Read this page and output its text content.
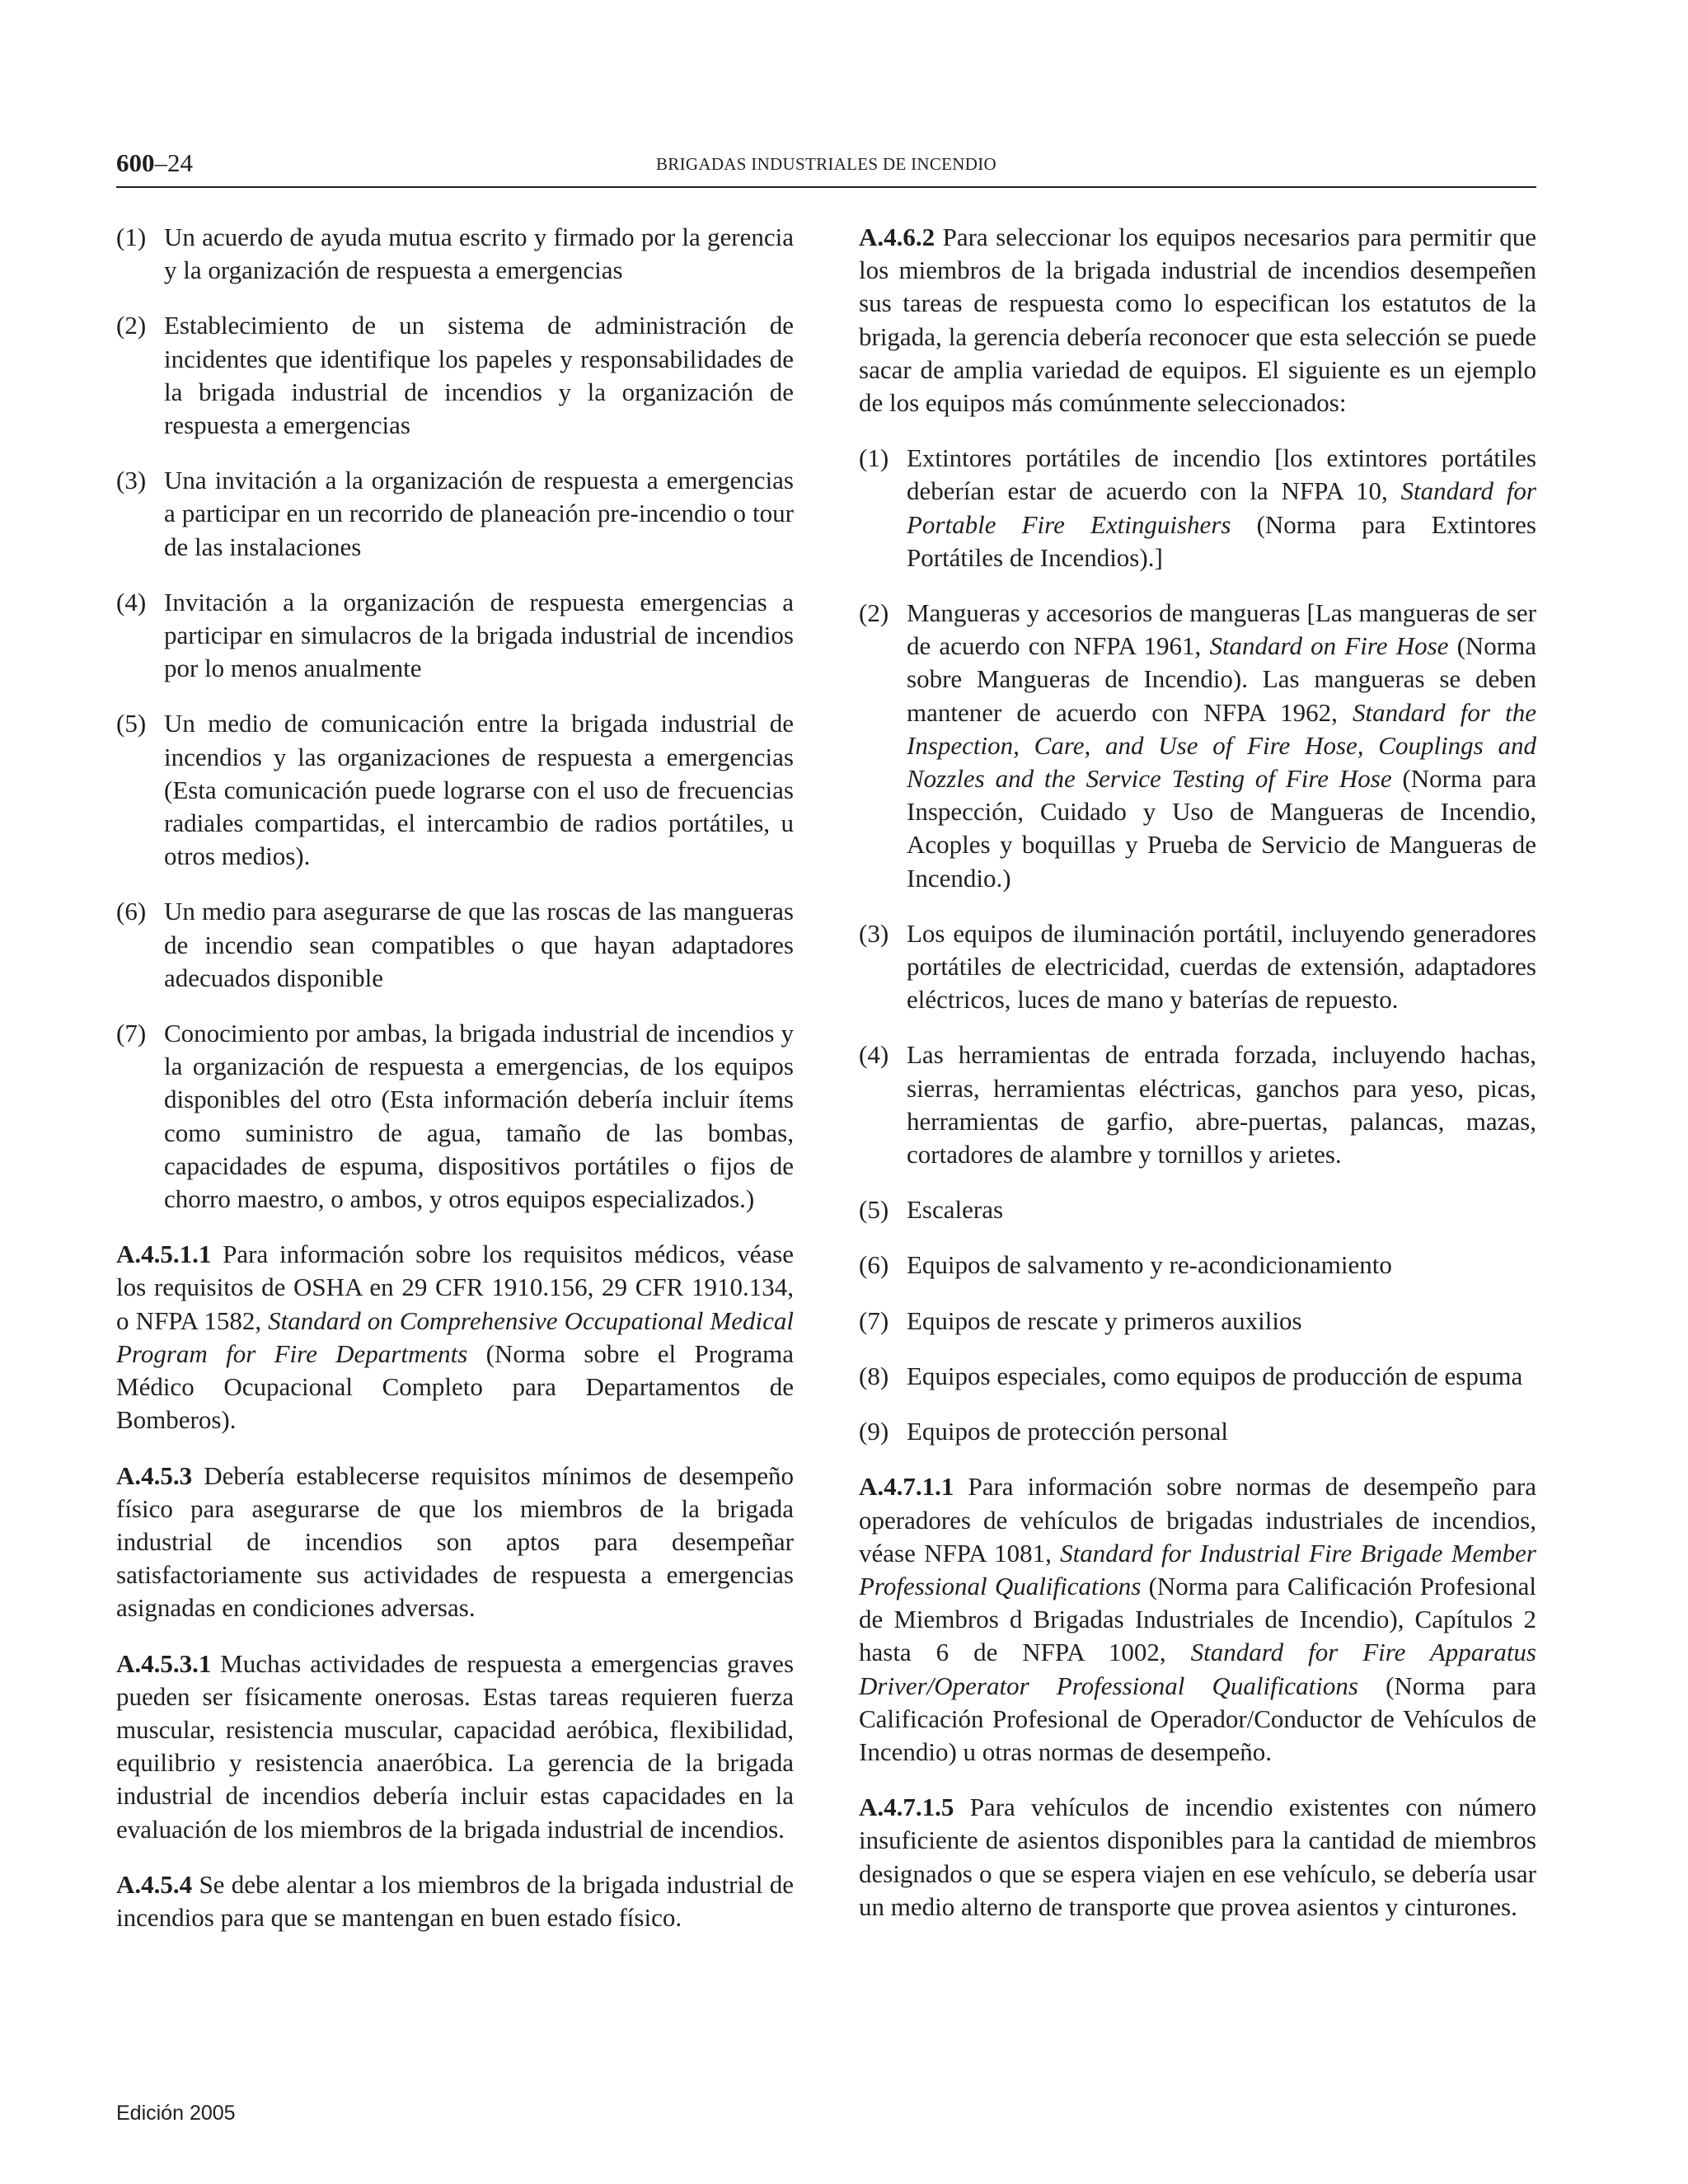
600–24	BRIGADAS INDUSTRIALES DE INCENDIO
(1) Un acuerdo de ayuda mutua escrito y firmado por la gerencia y la organización de respuesta a emergencias
(2) Establecimiento de un sistema de administración de incidentes que identifique los papeles y responsabilidades de la brigada industrial de incendios y la organización de respuesta a emergencias
(3) Una invitación a la organización de respuesta a emergencias a participar en un recorrido de planeación pre-incendio o tour de las instalaciones
(4) Invitación a la organización de respuesta emergencias a participar en simulacros de la brigada industrial de incendios por lo menos anualmente
(5) Un medio de comunicación entre la brigada industrial de incendios y las organizaciones de respuesta a emergencias (Esta comunicación puede lograrse con el uso de frecuencias radiales compartidas, el intercambio de radios portátiles, u otros medios).
(6) Un medio para asegurarse de que las roscas de las mangueras de incendio sean compatibles o que hayan adaptadores adecuados disponible
(7) Conocimiento por ambas, la brigada industrial de incendios y la organización de respuesta a emergencias, de los equipos disponibles del otro (Esta información debería incluir ítems como suministro de agua, tamaño de las bombas, capacidades de espuma, dispositivos portátiles o fijos de chorro maestro, o ambos, y otros equipos especializados.)

A.4.5.1.1 Para información sobre los requisitos médicos, véase los requisitos de OSHA en 29 CFR 1910.156, 29 CFR 1910.134, o NFPA 1582, Standard on Comprehensive Occupational Medical Program for Fire Departments (Norma sobre el Programa Médico Ocupacional Completo para Departamentos de Bomberos).

A.4.5.3 Debería establecerse requisitos mínimos de desempeño físico para asegurarse de que los miembros de la brigada industrial de incendios son aptos para desempeñar satisfactoriamente sus actividades de respuesta a emergencias asignadas en condiciones adversas.

A.4.5.3.1 Muchas actividades de respuesta a emergencias graves pueden ser físicamente onerosas. Estas tareas requieren fuerza muscular, resistencia muscular, capacidad aeróbica, flexibilidad, equilibrio y resistencia anaeróbica. La gerencia de la brigada industrial de incendios debería incluir estas capacidades en la evaluación de los miembros de la brigada industrial de incendios.

A.4.5.4 Se debe alentar a los miembros de la brigada industrial de incendios para que se mantengan en buen estado físico.

A.4.6.2 Para seleccionar los equipos necesarios para permitir que los miembros de la brigada industrial de incendios desempeñen sus tareas de respuesta como lo especifican los estatutos de la brigada, la gerencia debería reconocer que esta selección se puede sacar de amplia variedad de equipos. El siguiente es un ejemplo de los equipos más comúnmente seleccionados:

(1) Extintores portátiles de incendio [los extintores portátiles deberían estar de acuerdo con la NFPA 10, Standard for Portable Fire Extinguishers (Norma para Extintores Portátiles de Incendios).]
(2) Mangueras y accesorios de mangueras [Las mangueras de ser de acuerdo con NFPA 1961, Standard on Fire Hose (Norma sobre Mangueras de Incendio). Las mangueras se deben mantener de acuerdo con NFPA 1962, Standard for the Inspection, Care, and Use of Fire Hose, Couplings and Nozzles and the Service Testing of Fire Hose (Norma para Inspección, Cuidado y Uso de Mangueras de Incendio, Acoples y boquillas y Prueba de Servicio de Mangueras de Incendio.)
(3) Los equipos de iluminación portátil, incluyendo generadores portátiles de electricidad, cuerdas de extensión, adaptadores eléctricos, luces de mano y baterías de repuesto.
(4) Las herramientas de entrada forzada, incluyendo hachas, sierras, herramientas eléctricas, ganchos para yeso, picas, herramientas de garfio, abre-puertas, palancas, mazas, cortadores de alambre y tornillos y arietes.
(5) Escaleras
(6) Equipos de salvamento y re-acondicionamiento
(7) Equipos de rescate y primeros auxilios
(8) Equipos especiales, como equipos de producción de espuma
(9) Equipos de protección personal

A.4.7.1.1 Para información sobre normas de desempeño para operadores de vehículos de brigadas industriales de incendios, véase NFPA 1081, Standard for Industrial Fire Brigade Member Professional Qualifications (Norma para Calificación Profesional de Miembros d Brigadas Industriales de Incendio), Capítulos 2 hasta 6 de NFPA 1002, Standard for Fire Apparatus Driver/Operator Professional Qualifications (Norma para Calificación Profesional de Operador/Conductor de Vehículos de Incendio) u otras normas de desempeño.

A.4.7.1.5 Para vehículos de incendio existentes con número insuficiente de asientos disponibles para la cantidad de miembros designados o que se espera viajen en ese vehículo, se debería usar un medio alterno de transporte que provea asientos y cinturones.

Edición 2005
